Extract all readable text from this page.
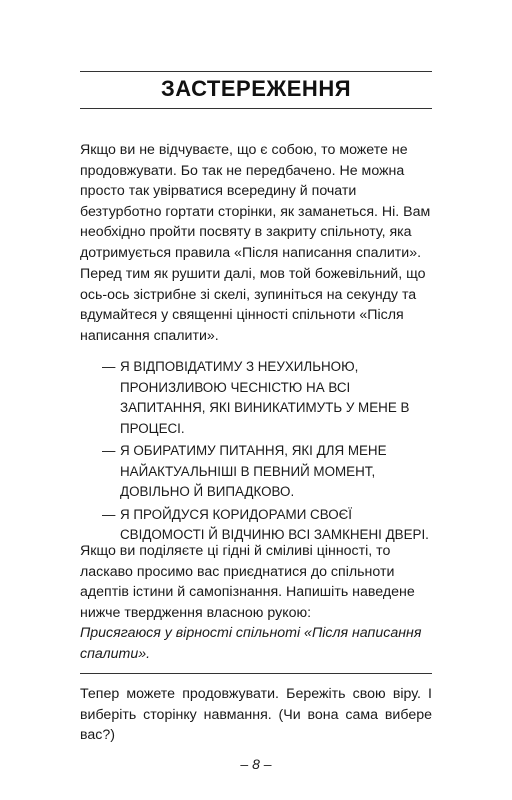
ЗАСТЕРЕЖЕННЯ

Якщо ви не відчуваєте, що є собою, то можете не продовжувати. Бо так не передбачено. Не можна просто так увірватися всередину й почати безтурботно гортати сторінки, як заманеться. Ні. Вам необхідно пройти посвяту в закриту спільноту, яка дотримується правила «Після написання спалити».

Перед тим як рушити далі, мов той божевільний, що ось-ось зістрибне зі скелі, зупиніться на секунду та вдумайтеся у священні цінності спільноти «Після написання спалити».

— Я ВІДПОВІДАТИМУ З НЕУХИЛЬНОЮ, ПРОНИЗЛИВОЮ ЧЕСНІСТЮ НА ВСІ ЗАПИТАННЯ, ЯКІ ВИНИКАТИМУТЬ У МЕНЕ В ПРОЦЕСІ.
— Я ОБИРАТИМУ ПИТАННЯ, ЯКІ ДЛЯ МЕНЕ НАЙАКТУАЛЬНІШІ В ПЕВНИЙ МОМЕНТ, ДОВІЛЬНО Й ВИПАДКОВО.
— Я ПРОЙДУСЯ КОРИДОРАМИ СВОЄЇ СВІДОМОСТІ Й ВІДЧИНЮ ВСІ ЗАМКНЕНІ ДВЕРІ.

Якщо ви поділяєте ці гідні й сміливі цінності, то ласкаво просимо вас приєднатися до спільноти адептів істини й самопізнання. Напишіть наведене нижче твердження власною рукою:

Присягаюся у вірності спільноті «Після написання спалити».

Тепер можете продовжувати. Бережіть свою віру. І виберіть сторінку навмання. (Чи вона сама вибере вас?)

– 8 –
